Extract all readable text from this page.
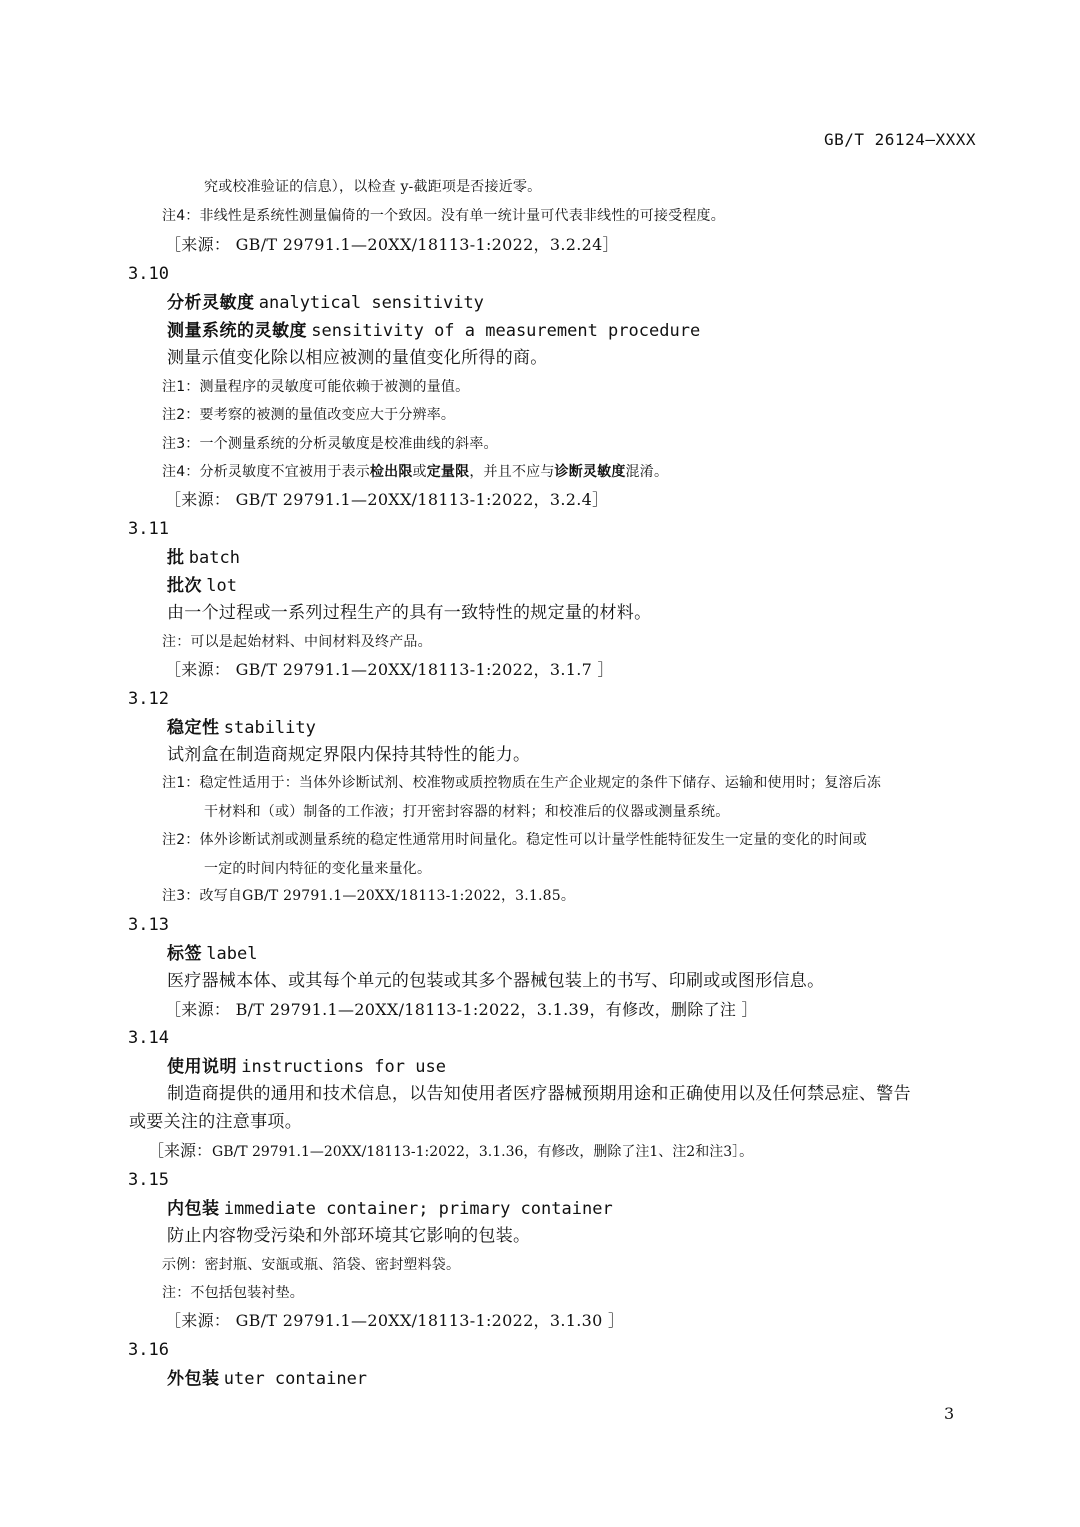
GB/T 26124—XXXX
究或校准验证的信息），以检查 y-截距项是否接近零。
注4：非线性是系统性测量偏倚的一个致因。没有单一统计量可代表非线性的可接受程度。
［来源： GB/T 29791.1—20XX/18113-1:2022，3.2.24］
3.10
分析灵敏度 analytical sensitivity
测量系统的灵敏度 sensitivity of a measurement procedure
测量示值变化除以相应被测的量值变化所得的商。
注1：测量程序的灵敏度可能依赖于被测的量值。
注2：要考察的被测的量值改变应大于分辨率。
注3：一个测量系统的分析灵敏度是校准曲线的斜率。
注4：分析灵敏度不宜被用于表示检出限或定量限，并且不应与诊断灵敏度混淆。
［来源： GB/T 29791.1—20XX/18113-1:2022，3.2.4］
3.11
批 batch
批次 lot
由一个过程或一系列过程生产的具有一致特性的规定量的材料。
注：可以是起始材料、中间材料及终产品。
［来源： GB/T 29791.1—20XX/18113-1:2022，3.1.7 ］
3.12
稳定性 stability
试剂盒在制造商规定界限内保持其特性的能力。
注1：稳定性适用于：当体外诊断试剂、校准物或质控物质在生产企业规定的条件下储存、运输和使用时；复溶后冻
干材料和（或）制备的工作液；打开密封容器的材料；和校准后的仪器或测量系统。
注2：体外诊断试剂或测量系统的稳定性通常用时间量化。稳定性可以计量学性能特征发生一定量的变化的时间或
一定的时间内特征的变化量来量化。
注3：改写自GB/T 29791.1—20XX/18113-1:2022，3.1.85。
3.13
标签 label
医疗器械本体、或其每个单元的包装或其多个器械包装上的书写、印刷或或图形信息。
［来源： B/T 29791.1—20XX/18113-1:2022，3.1.39，有修改，删除了注 ］
3.14
使用说明 instructions for use
制造商提供的通用和技术信息，以告知使用者医疗器械预期用途和正确使用以及任何禁忌症、警告
或要关注的注意事项。
［来源：GB/T 29791.1—20XX/18113-1:2022，3.1.36，有修改，删除了注1、注2和注3］。
3.15
内包装 immediate container; primary container
防止内容物受污染和外部环境其它影响的包装。
示例：密封瓶、安瓿或瓶、箔袋、密封塑料袋。
注：不包括包装衬垫。
［来源： GB/T 29791.1—20XX/18113-1:2022，3.1.30 ］
3.16
外包装 uter container
3
